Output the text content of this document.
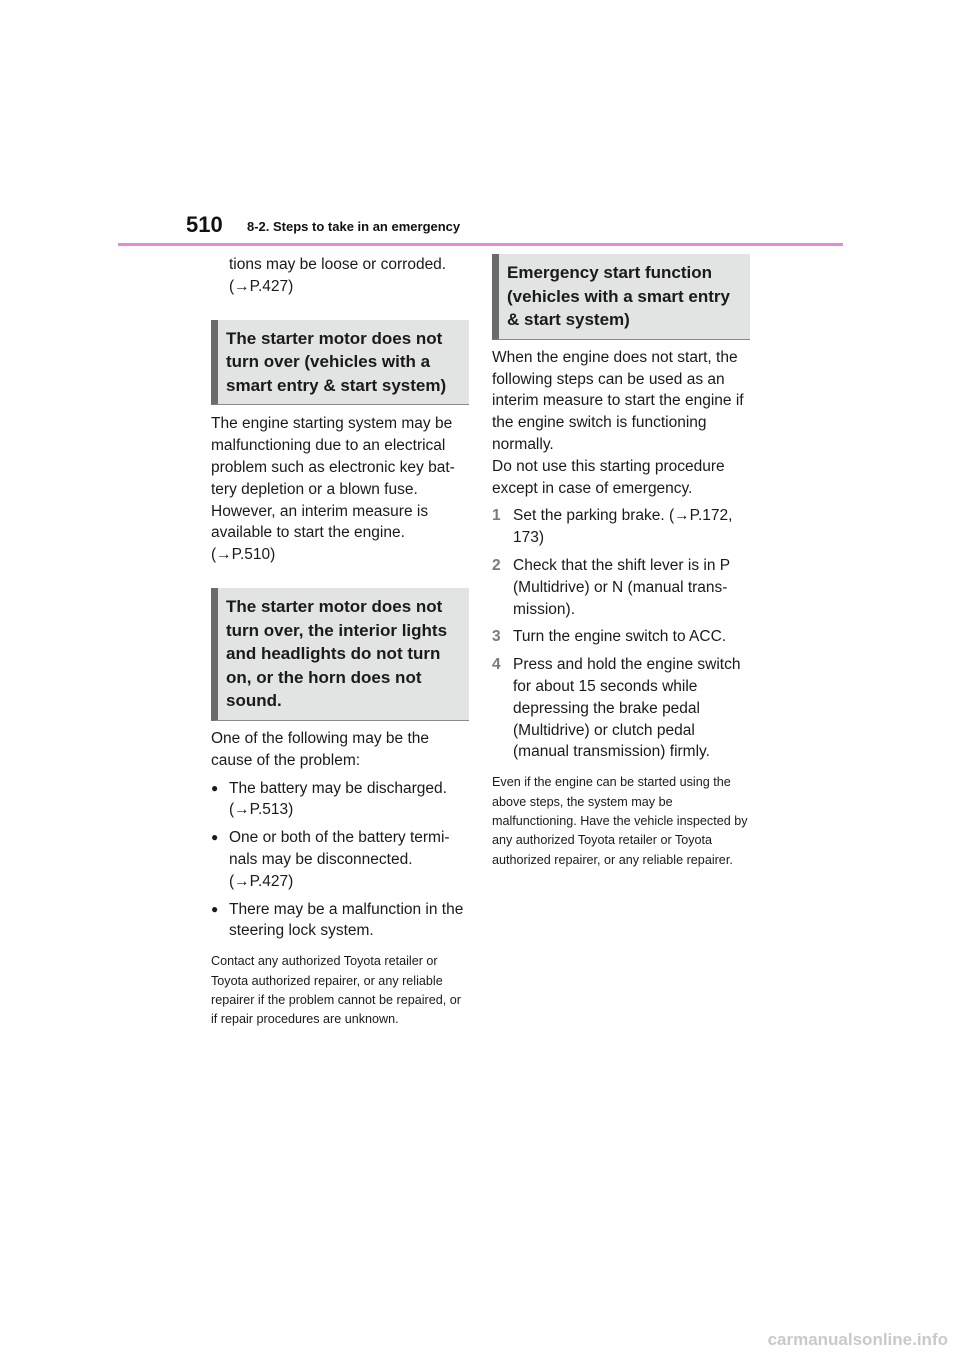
510 8-2. Steps to take in an emergency

tions may be loose or corroded.

(→P.427)

The starter motor does not turn over (vehicles with a smart entry & start system)

The engine starting system may be malfunctioning due to an electrical problem such as electronic key bat-tery depletion or a blown fuse. However, an interim measure is available to start the engine. (→P.510)

The starter motor does not turn over, the interior lights and headlights do not turn on, or the horn does not sound.

One of the following may be the cause of the problem:

● The battery may be discharged. (→P.513)
● One or both of the battery termi-nals may be disconnected. (→P.427)
● There may be a malfunction in the steering lock system.

Contact any authorized Toyota retailer or Toyota authorized repairer, or any reliable repairer if the problem cannot be repaired, or if repair procedures are unknown.

Emergency start function (vehicles with a smart entry & start system)

When the engine does not start, the following steps can be used as an interim measure to start the engine if the engine switch is functioning normally.

Do not use this starting procedure except in case of emergency.

1 Set the parking brake. (→P.172, 173)
2 Check that the shift lever is in P (Multidrive) or N (manual trans-mission).
3 Turn the engine switch to ACC.
4 Press and hold the engine switch for about 15 seconds while depressing the brake pedal (Multidrive) or clutch pedal (manual transmission) firmly.

Even if the engine can be started using the above steps, the system may be malfunctioning. Have the vehicle inspected by any authorized Toyota retailer or Toyota authorized repairer, or any reliable repairer.

carmanualsonline.info
